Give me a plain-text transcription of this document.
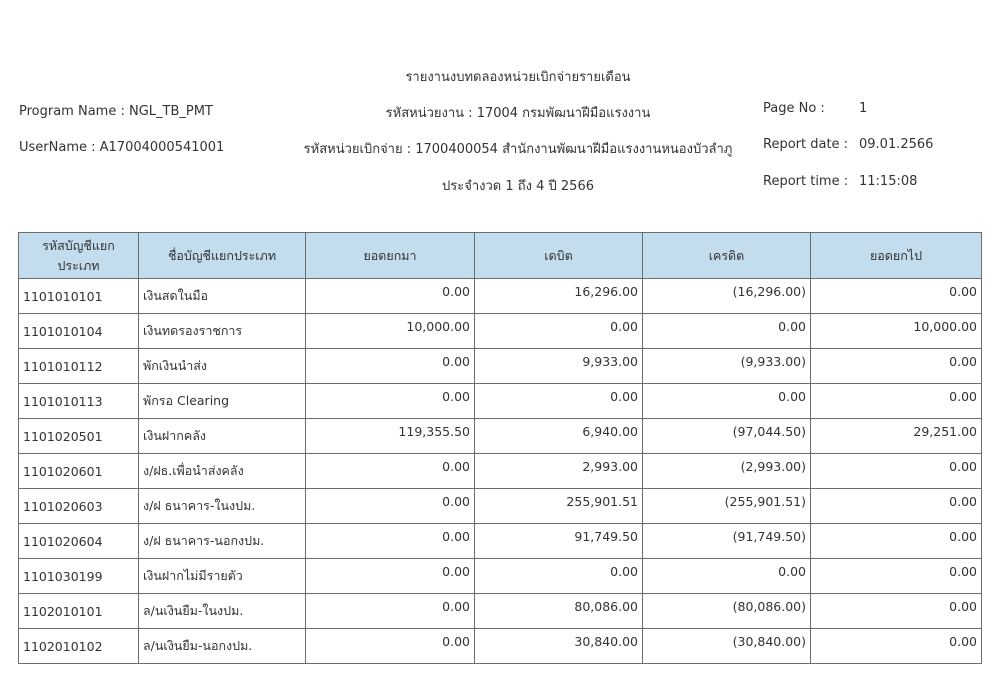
รายงานงบทดลองหน่วยเบิกจ่ายรายเดือน
รหัสหน่วยงาน : 17004 กรมพัฒนาฝีมือแรงงาน
รหัสหน่วยเบิกจ่าย : 1700400054 สำนักงานพัฒนาฝีมือแรงงานหนองบัวลำภู
ประจำงวด 1 ถึง 4 ปี 2566
Program Name : NGL_TB_PMT
UserName : A17004000541001
Page No :	1
Report date : 09.01.2566
Report time : 11:15:08
รหัสบัญชีแยกประเภท	ชื่อบัญชีแยกประเภท	ยอดยกมา	เดบิต	เครดิต	ยอดยกไป
1101010101	เงินสดในมือ	0.00	16,296.00	(16,296.00)	0.00
1101010104	เงินทดรองราชการ	10,000.00	0.00	0.00	10,000.00
1101010112	พักเงินนำส่ง	0.00	9,933.00	(9,933.00)	0.00
1101010113	พักรอ Clearing	0.00	0.00	0.00	0.00
1101020501	เงินฝากคลัง	119,355.50	6,940.00	(97,044.50)	29,251.00
1101020601	ง/ฝธ.เพื่อนำส่งคลัง	0.00	2,993.00	(2,993.00)	0.00
1101020603	ง/ฝ ธนาคาร-ในงปม.	0.00	255,901.51	(255,901.51)	0.00
1101020604	ง/ฝ ธนาคาร-นอกงปม.	0.00	91,749.50	(91,749.50)	0.00
1101030199	เงินฝากไม่มีรายตัว	0.00	0.00	0.00	0.00
1102010101	ล/นเงินยืม-ในงปม.	0.00	80,086.00	(80,086.00)	0.00
1102010102	ล/นเงินยืม-นอกงปม.	0.00	30,840.00	(30,840.00)	0.00
